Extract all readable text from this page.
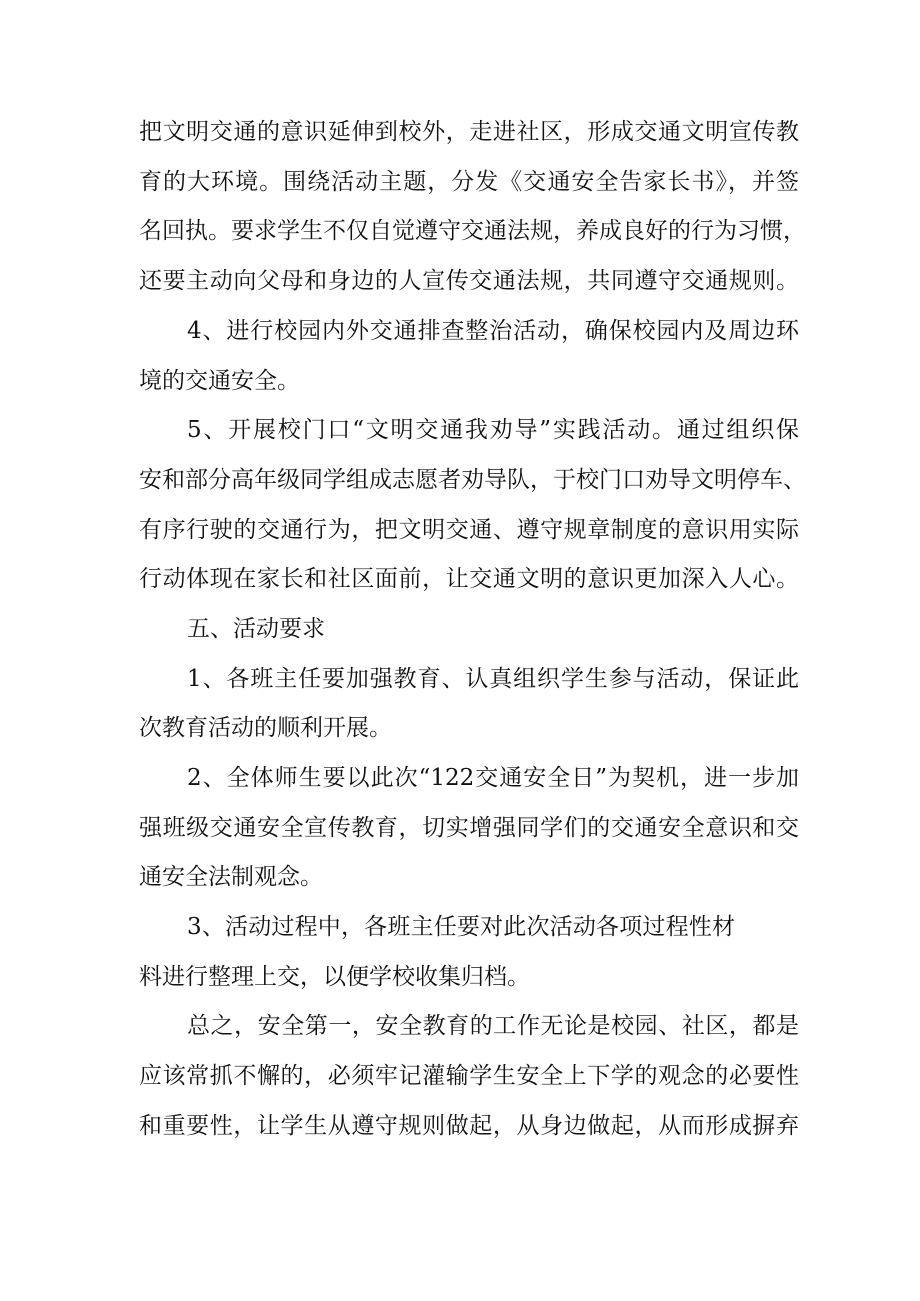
把文明交通的意识延伸到校外，走进社区，形成交通文明宣传教
育的大环境。围绕活动主题，分发《交通安全告家长书》，并签
名回执。要求学生不仅自觉遵守交通法规，养成良好的行为习惯，
还要主动向父母和身边的人宣传交通法规，共同遵守交通规则。
4、进行校园内外交通排查整治活动，确保校园内及周边环
境的交通安全。
5、开展校门口“文明交通我劝导”实践活动。通过组织保
安和部分高年级同学组成志愿者劝导队，于校门口劝导文明停车、
有序行驶的交通行为，把文明交通、遵守规章制度的意识用实际
行动体现在家长和社区面前，让交通文明的意识更加深入人心。
五、活动要求
1、各班主任要加强教育、认真组织学生参与活动，保证此
次教育活动的顺利开展。
2、全体师生要以此次“122交通安全日”为契机，进一步加
强班级交通安全宣传教育，切实增强同学们的交通安全意识和交
通安全法制观念。
3、活动过程中，各班主任要对此次活动各项过程性材
料进行整理上交，以便学校收集归档。
总之，安全第一，安全教育的工作无论是校园、社区，都是
应该常抓不懈的，必须牢记灌输学生安全上下学的观念的必要性
和重要性，让学生从遵守规则做起，从身边做起，从而形成摒弃
